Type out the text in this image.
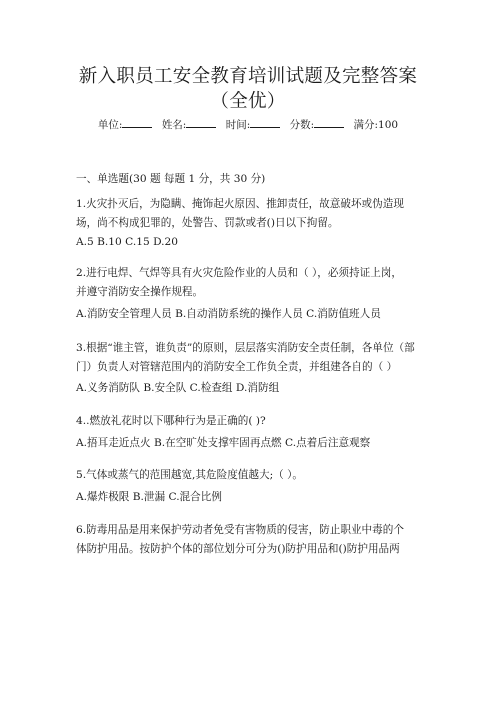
新入职员工安全教育培训试题及完整答案
（全优）
单位:	姓名:	时间:	分数:	满分:100

一、单选题(30 题 每题 1 分，共 30 分)

1.火灾扑灭后，为隐瞒、掩饰起火原因、推卸责任，故意破坏或伪造现

场，尚不构成犯罪的，处警告、罚款或者()日以下拘留。

A.5 B.10 C.15 D.20

2.进行电焊、气焊等具有火灾危险作业的人员和（ ），必须持证上岗，

并遵守消防安全操作规程。

A.消防安全管理人员 B.自动消防系统的操作人员 C.消防值班人员

3.根据“谁主管，谁负责”的原则，层层落实消防安全责任制，各单位（部

门）负责人对管辖范围内的消防安全工作负全责，并组建各自的（ ）

A.义务消防队 B.安全队 C.检查组 D.消防组

4..燃放礼花时以下哪种行为是正确的( )?

A.捂耳走近点火 B.在空旷处支撑牢固再点燃 C.点着后注意观察

5.气体或蒸气的范围越宽,其危险度值越大;（ ）。

A.爆炸极限 B.泄漏 C.混合比例

6.防毒用品是用来保护劳动者免受有害物质的侵害，防止职业中毒的个

体防护用品。按防护个体的部位划分可分为()防护用品和()防护用品两
